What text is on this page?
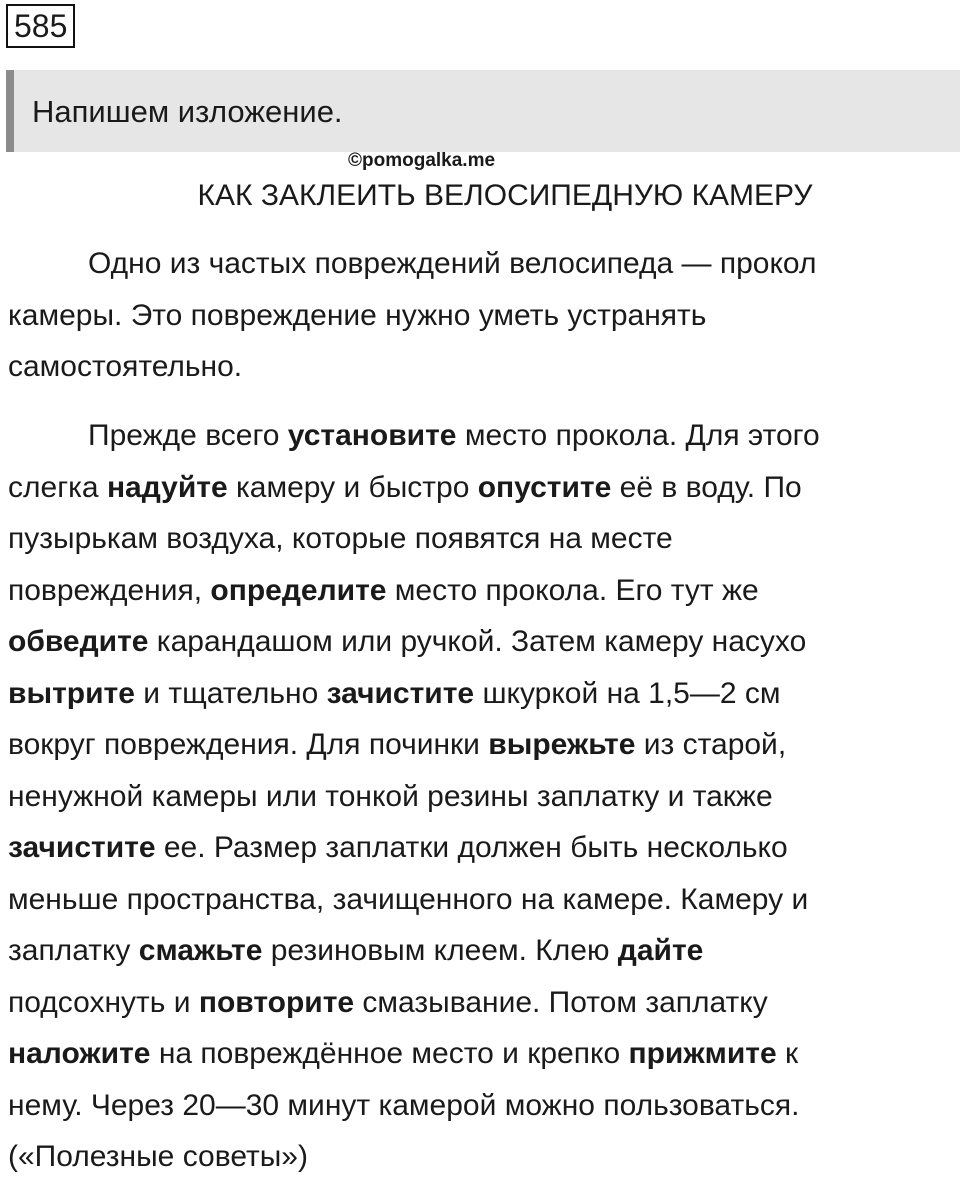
585
Напишем изложение.
©pomogalka.me
КАК ЗАКЛЕИТЬ ВЕЛОСИПЕДНУЮ КАМЕРУ
Одно из частых повреждений велосипеда — прокол
камеры. Это повреждение нужно уметь устранять
самостоятельно.
Прежде всего установите место прокола. Для этого
слегка надуйте камеру и быстро опустите её в воду. По
пузырькам воздуха, которые появятся на месте
повреждения, определите место прокола. Его тут же
обведите карандашом или ручкой. Затем камеру насухо
вытрите и тщательно зачистите шкуркой на 1,5—2 см
вокруг повреждения. Для починки вырежьте из старой,
ненужной камеры или тонкой резины заплатку и также
зачистите ее. Размер заплатки должен быть несколько
меньше пространства, зачищенного на камере. Камеру и
заплатку смажьте резиновым клеем. Клею дайте
подсохнуть и повторите смазывание. Потом заплатку
наложите на повреждённое место и крепко прижмите к
нему. Через 20—30 минут камерой можно пользоваться.
(«Полезные советы»)
